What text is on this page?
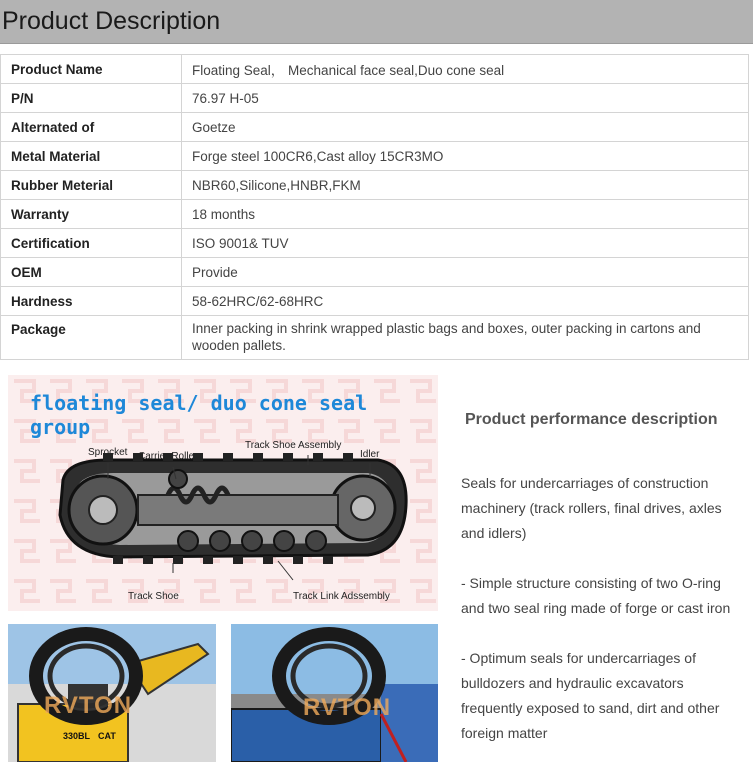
Product Description
Product Name	Floating Seal， Mechanical face seal,Duo cone seal
P/N	76.97 H-05
Alternated of	Goetze
Metal Material	Forge steel 100CR6,Cast alloy 15CR3MO
Rubber Meterial	NBR60,Silicone,HNBR,FKM
Warranty	18 months
Certification	ISO 9001& TUV
OEM	Provide
Hardness	58-62HRC/62-68HRC
Package	Inner packing in shrink wrapped plastic bags and boxes, outer packing in cartons and wooden pallets.
floating seal/ duo cone seal group
Sprocket Carrier Roller
Track Shoe Assembly
Idler
Track Shoe	Track Link Adssembly
330BL CAT
RVTON	RVTON
Product performance description
Seals for undercarriages of construction machinery (track rollers, final drives, axles and idlers)
- Simple structure consisting of two O-ring and two seal ring made of forge or cast iron
- Optimum seals for undercarriages of bulldozers and hydraulic excavators frequently exposed to sand, dirt and other foreign matter
